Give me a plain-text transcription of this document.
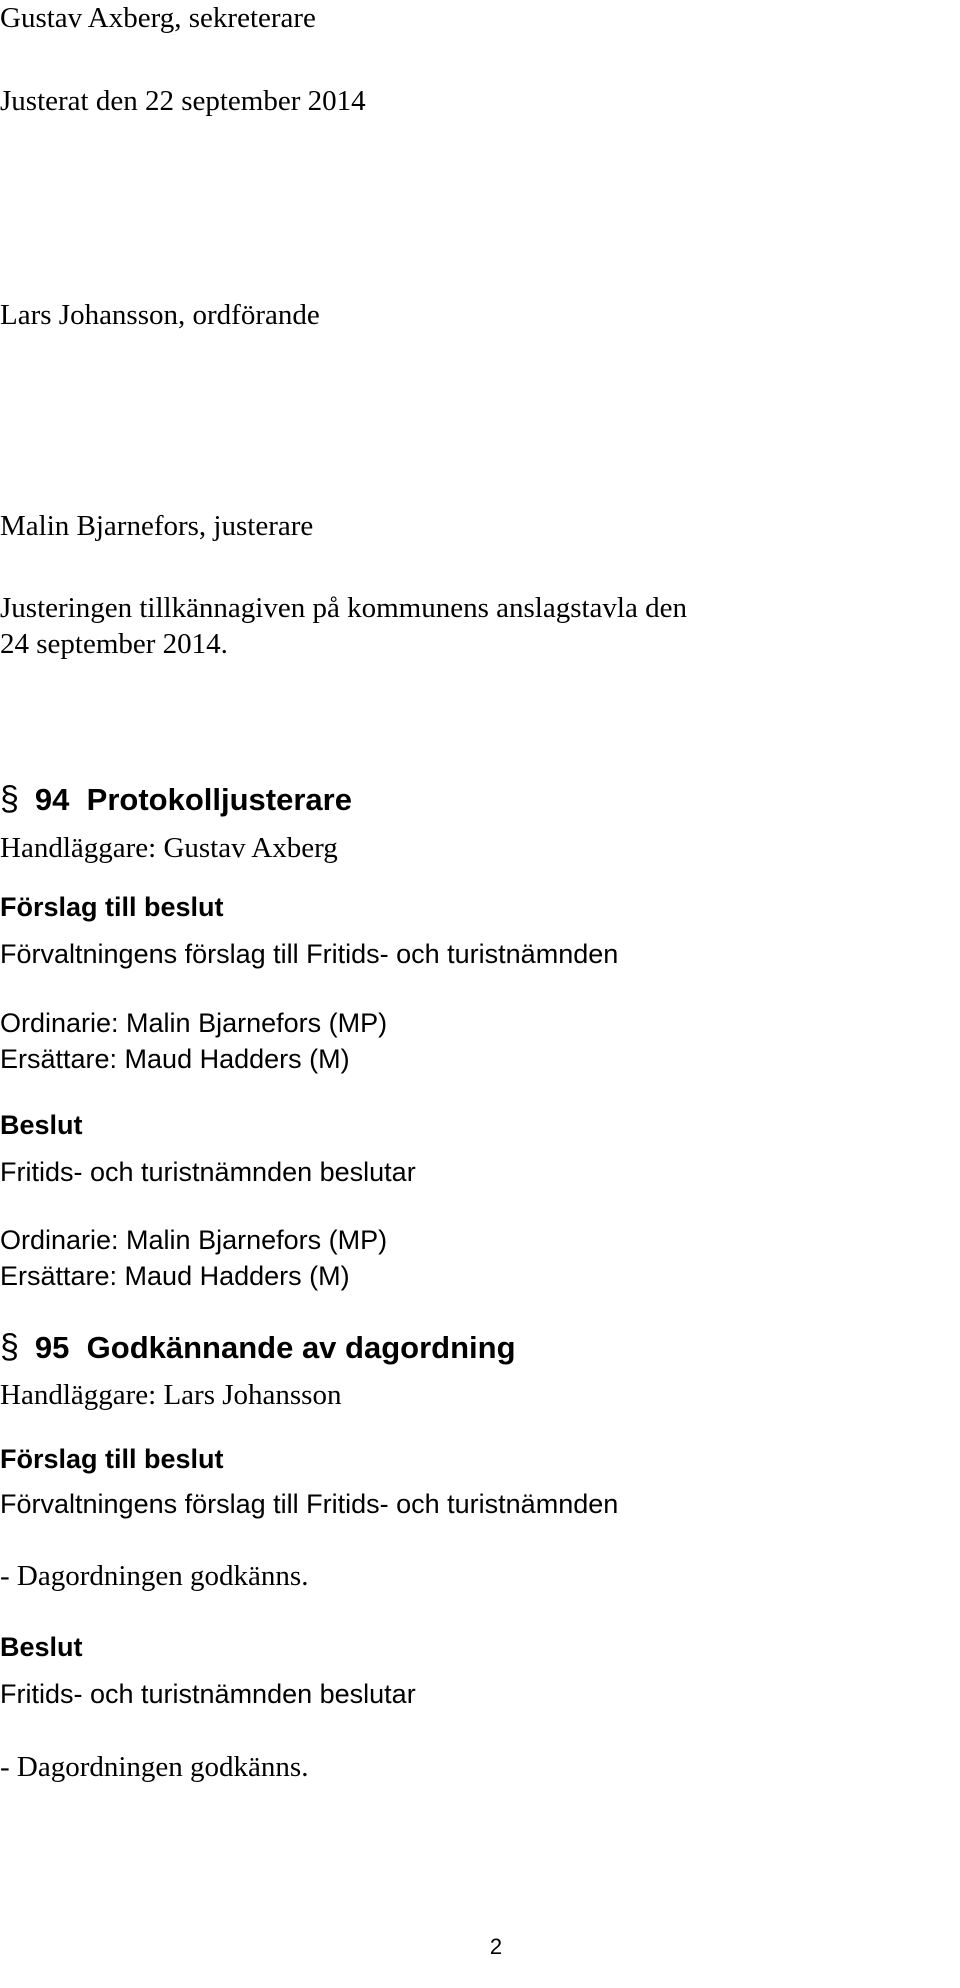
Gustav Axberg, sekreterare
Justerat den 22 september 2014
Lars Johansson, ordförande
Malin Bjarnefors, justerare
Justeringen tillkännagiven på kommunens anslagstavla den 24 september 2014.
§ 94 Protokolljusterare
Handläggare: Gustav Axberg
Förslag till beslut
Förvaltningens förslag till Fritids- och turistnämnden
Ordinarie: Malin Bjarnefors (MP)
Ersättare: Maud Hadders (M)
Beslut
Fritids- och turistnämnden beslutar
Ordinarie: Malin Bjarnefors (MP)
Ersättare: Maud Hadders (M)
§ 95 Godkännande av dagordning
Handläggare: Lars Johansson
Förslag till beslut
Förvaltningens förslag till Fritids- och turistnämnden
- Dagordningen godkänns.
Beslut
Fritids- och turistnämnden beslutar
- Dagordningen godkänns.
2
